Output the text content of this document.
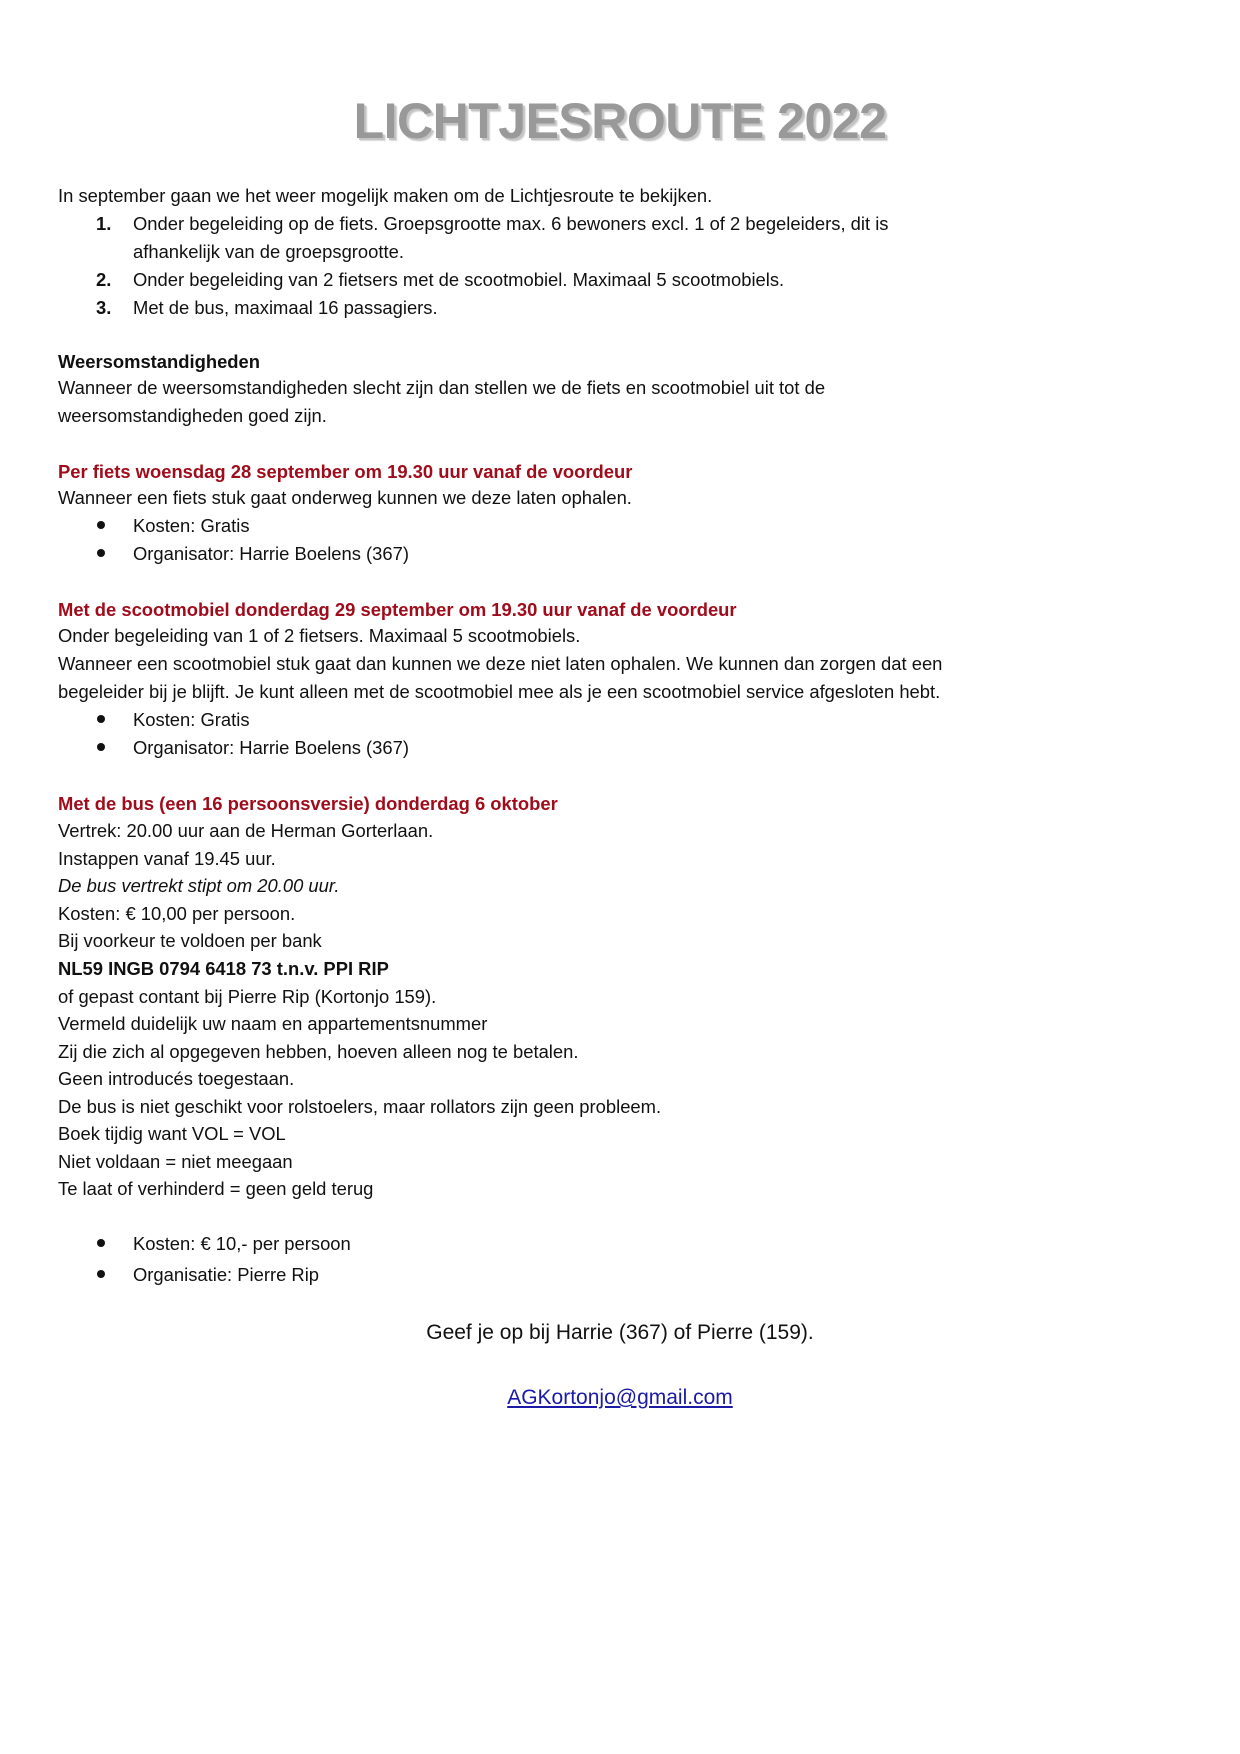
LICHTJESROUTE 2022
In september gaan we het weer mogelijk maken om de Lichtjesroute te bekijken.
1. Onder begeleiding op de fiets. Groepsgrootte max. 6 bewoners excl. 1 of 2 begeleiders, dit is
afhankelijk van de groepsgrootte.
2. Onder begeleiding van 2 fietsers met de scootmobiel. Maximaal 5 scootmobiels.
3. Met de bus, maximaal 16 passagiers.
Weersomstandigheden
Wanneer de weersomstandigheden slecht zijn dan stellen we de fiets en scootmobiel uit tot de
weersomstandigheden goed zijn.
Per fiets woensdag 28 september om 19.30 uur vanaf de voordeur
Wanneer een fiets stuk gaat onderweg kunnen we deze laten ophalen.
Kosten: Gratis
Organisator: Harrie Boelens (367)
Met de scootmobiel donderdag 29 september om 19.30 uur vanaf de voordeur
Onder begeleiding van 1 of 2 fietsers. Maximaal 5 scootmobiels.
Wanneer een scootmobiel stuk gaat dan kunnen we deze niet laten ophalen. We kunnen dan zorgen dat een
begeleider bij je blijft. Je kunt alleen met de scootmobiel mee als je een scootmobiel service afgesloten hebt.
Kosten: Gratis
Organisator: Harrie Boelens (367)
Met de bus (een 16 persoonsversie) donderdag 6 oktober
Vertrek: 20.00 uur aan de Herman Gorterlaan.
Instappen vanaf 19.45 uur.
De bus vertrekt stipt om 20.00 uur.
Kosten: € 10,00 per persoon.
Bij voorkeur te voldoen per bank
NL59 INGB 0794 6418 73 t.n.v. PPI RIP
of gepast contant bij Pierre Rip (Kortonjo 159).
Vermeld duidelijk uw naam en appartementsnummer
Zij die zich al opgegeven hebben, hoeven alleen nog te betalen.
Geen introducés toegestaan.
De bus is niet geschikt voor rolstoelers, maar rollators zijn geen probleem.
Boek tijdig want VOL = VOL
Niet voldaan = niet meegaan
Te laat of verhinderd = geen geld terug
Kosten: € 10,- per persoon
Organisatie: Pierre Rip
Geef je op bij Harrie (367) of Pierre (159).
AGKortonjo@gmail.com
